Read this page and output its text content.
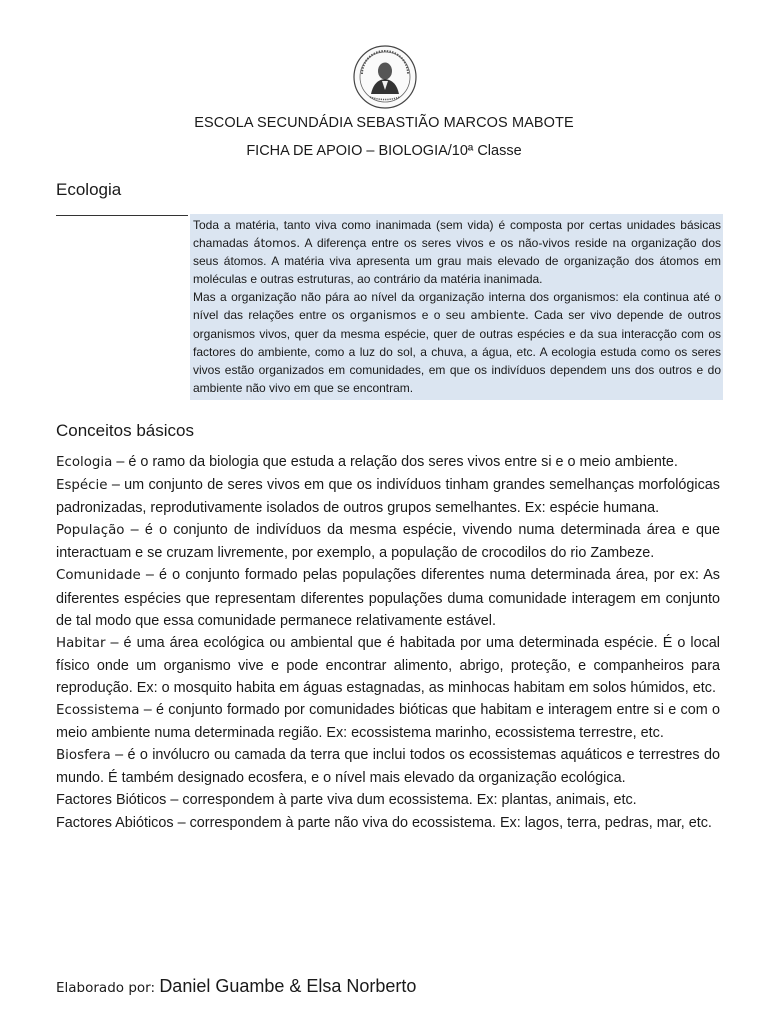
ESCOLA SECUNDÁDIA SEBASTIÃO MARCOS MABOTE
FICHA DE APOIO – BIOLOGIA/10ª Classe
Ecologia

Toda a matéria, tanto viva como inanimada (sem vida) é composta por certas unidades básicas chamadas átomos. A diferença entre os seres vivos e os não-vivos reside na organização dos seus átomos. A matéria viva apresenta um grau mais elevado de organização dos átomos em moléculas e outras estruturas, ao contrário da matéria inanimada.

Mas a organização não pára ao nível da organização interna dos organismos: ela continua até o nível das relações entre os organismos e o seu ambiente. Cada ser vivo depende de outros organismos vivos, quer da mesma espécie, quer de outras espécies e da sua interacção com os factores do ambiente, como a luz do sol, a chuva, a água, etc. A ecologia estuda como os seres vivos estão organizados em comunidades, em que os indivíduos dependem uns dos outros e do ambiente não vivo em que se encontram.

Conceitos básicos

Ecologia – é o ramo da biologia que estuda a relação dos seres vivos entre si e o meio ambiente.

Espécie – um conjunto de seres vivos em que os indivíduos tinham grandes semelhanças morfológicas padronizadas, reprodutivamente isolados de outros grupos semelhantes. Ex: espécie humana.

População – é o conjunto de indivíduos da mesma espécie, vivendo numa determinada área e que interactuam e se cruzam livremente, por exemplo, a população de crocodilos do rio Zambeze.

Comunidade – é o conjunto formado pelas populações diferentes numa determinada área, por ex: As diferentes espécies que representam diferentes populações duma comunidade interagem em conjunto de tal modo que essa comunidade permanece relativamente estável.

Habitar – é uma área ecológica ou ambiental que é habitada por uma determinada espécie. É o local físico onde um organismo vive e pode encontrar alimento, abrigo, proteção, e companheiros para reprodução. Ex: o mosquito habita em águas estagnadas, as minhocas habitam em solos húmidos, etc.

Ecossistema – é conjunto formado por comunidades bióticas que habitam e interagem entre si e com o meio ambiente numa determinada região. Ex: ecossistema marinho, ecossistema terrestre, etc.

Biosfera – é o invólucro ou camada da terra que inclui todos os ecossistemas aquáticos e terrestres do mundo. É também designado ecosfera, e o nível mais elevado da organização ecológica.

Factores Bióticos – correspondem à parte viva dum ecossistema. Ex: plantas, animais, etc.

Factores Abióticos – correspondem à parte não viva do ecossistema. Ex: lagos, terra, pedras, mar, etc.

Elaborado por: Daniel Guambe & Elsa Norberto
